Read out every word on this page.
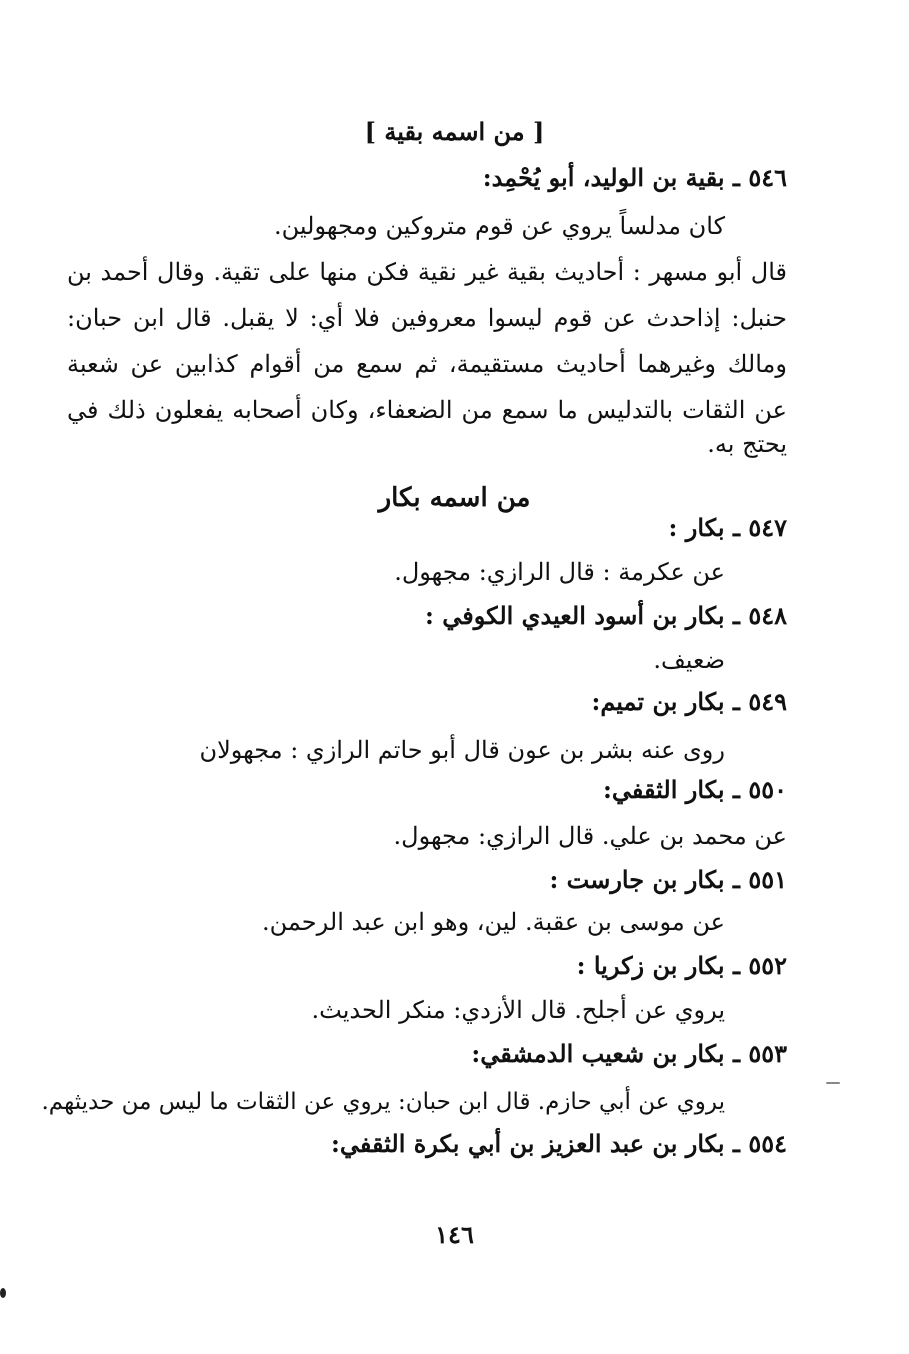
[ من اسمه بقية ]
٥٤٦ ـ بقية بن الوليد، أبو يُحْمِد:
كان مدلساً يروي عن قوم متروكين ومجهولين.
قال أبو مسهر : أحاديث بقية غير نقية فكن منها على تقية. وقال أحمد بن
حنبل: إذاحدث عن قوم ليسوا معروفين فلا أي: لا يقبل. قال ابن حبان:
ومالك وغيرهما أحاديث مستقيمة، ثم سمع من أقوام كذابين عن شعبة
عن الثقات بالتدليس ما سمع من الضعفاء، وكان أصحابه يفعلون ذلك في
يحتج به.
من اسمه بكار
٥٤٧ ـ بكار :
عن عكرمة : قال الرازي: مجهول.
٥٤٨ ـ بكار بن أسود العيدي الكوفي :
ضعيف.
٥٤٩ ـ بكار بن تميم:
روى عنه بشر بن عون قال أبو حاتم الرازي : مجهولان
٥٥٠ ـ بكار الثقفي:
عن محمد بن علي. قال الرازي: مجهول.
٥٥١ ـ بكار بن جارست :
عن موسى بن عقبة. لين، وهو ابن عبد الرحمن.
٥٥٢ ـ بكار بن زكريا :
يروي عن أجلح. قال الأزدي: منكر الحديث.
٥٥٣ ـ بكار بن شعيب الدمشقي:
يروي عن أبي حازم. قال ابن حبان: يروي عن الثقات ما ليس من حديثهم.
٥٥٤ ـ بكار بن عبد العزيز بن أبي بكرة الثقفي:
١٤٦
